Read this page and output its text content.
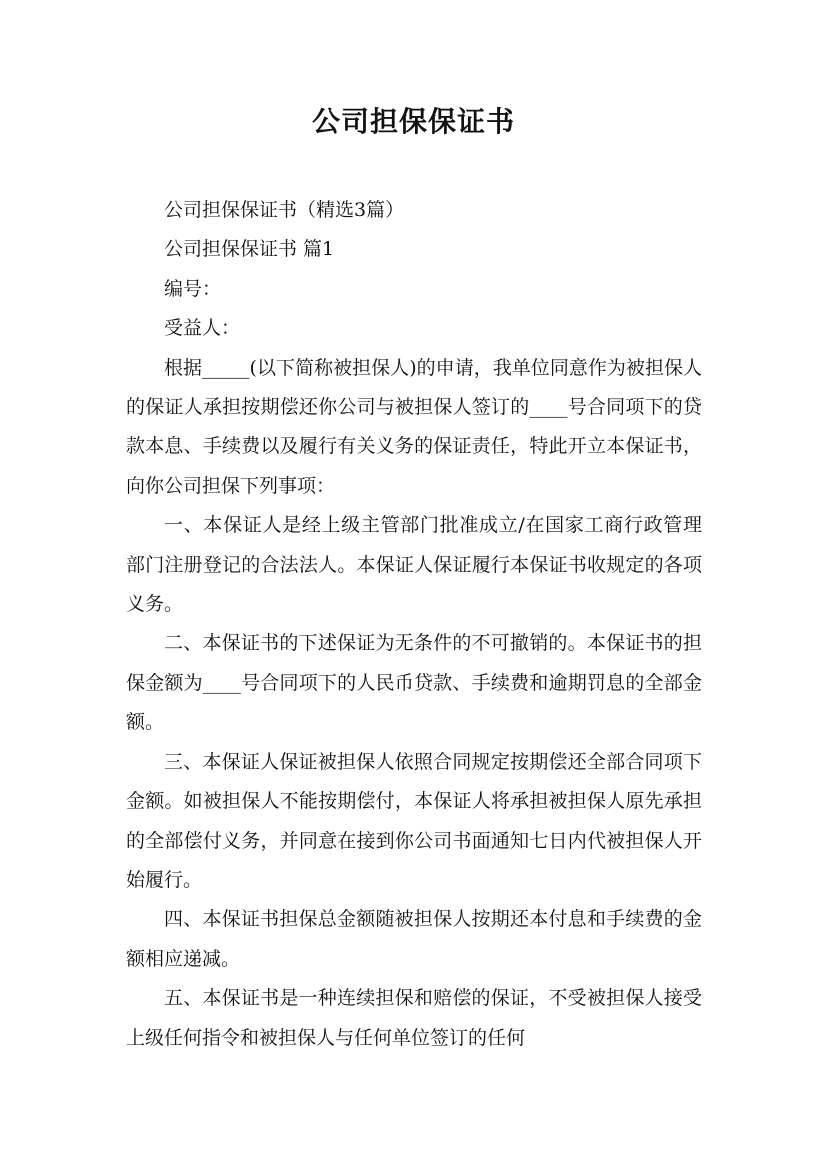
公司担保保证书

公司担保保证书（精选3篇）

公司担保保证书 篇1

编号：

受益人：

根据_____(以下简称被担保人)的申请，我单位同意作为被担保人的保证人承担按期偿还你公司与被担保人签订的____号合同项下的贷款本息、手续费以及履行有关义务的保证责任，特此开立本保证书，向你公司担保下列事项：

一、本保证人是经上级主管部门批准成立/在国家工商行政管理部门注册登记的合法法人。本保证人保证履行本保证书收规定的各项义务。

二、本保证书的下述保证为无条件的不可撤销的。本保证书的担保金额为____号合同项下的人民币贷款、手续费和逾期罚息的全部金额。

三、本保证人保证被担保人依照合同规定按期偿还全部合同项下金额。如被担保人不能按期偿付，本保证人将承担被担保人原先承担的全部偿付义务，并同意在接到你公司书面通知七日内代被担保人开始履行。

四、本保证书担保总金额随被担保人按期还本付息和手续费的金额相应递减。

五、本保证书是一种连续担保和赔偿的保证，不受被担保人接受上级任何指令和被担保人与任何单位签订的任何
